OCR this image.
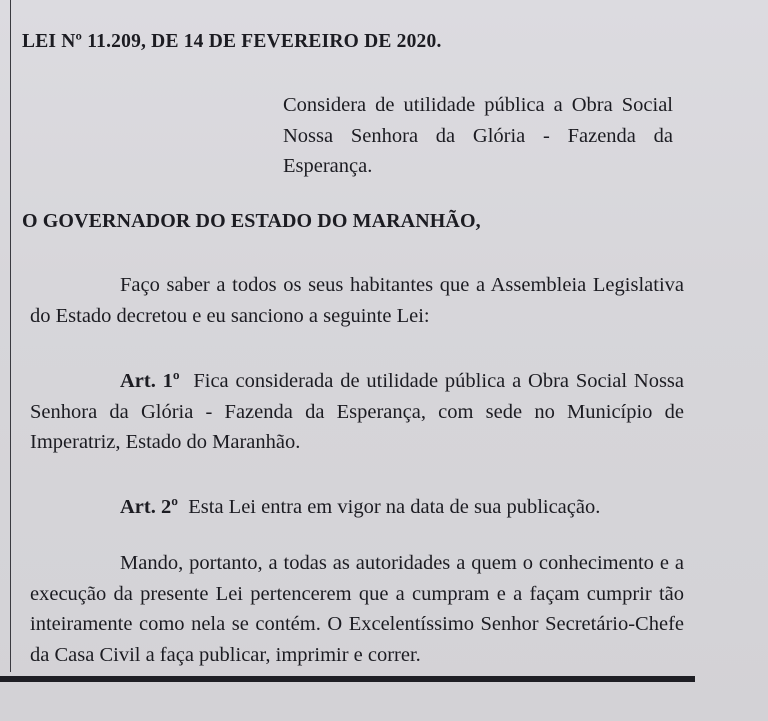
LEI Nº 11.209, DE 14 DE FEVEREIRO DE 2020.
Considera de utilidade pública a Obra Social Nossa Senhora da Glória - Fazenda da Esperança.
O GOVERNADOR DO ESTADO DO MARANHÃO,
Faço saber a todos os seus habitantes que a Assembleia Legislativa do Estado decretou e eu sanciono a seguinte Lei:
Art. 1º Fica considerada de utilidade pública a Obra Social Nossa Senhora da Glória - Fazenda da Esperança, com sede no Município de Imperatriz, Estado do Maranhão.
Art. 2º Esta Lei entra em vigor na data de sua publicação.
Mando, portanto, a todas as autoridades a quem o conhecimento e a execução da presente Lei pertencerem que a cumpram e a façam cumprir tão inteiramente como nela se contém. O Excelentíssimo Senhor Secretário-Chefe da Casa Civil a faça publicar, imprimir e correr.
